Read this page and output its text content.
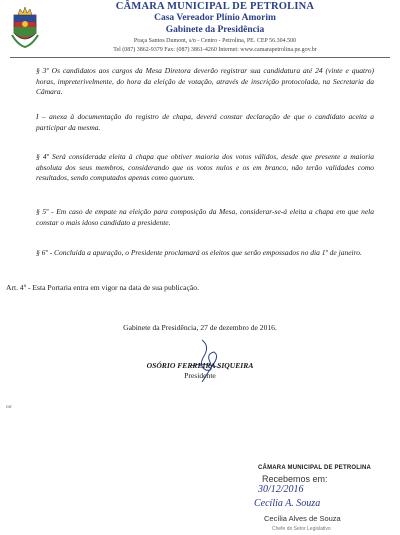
CÂMARA MUNICIPAL DE PETROLINA
Casa Vereador Plínio Amorim
Gabinete da Presidência
Praça Santos Dumont, s/n - Centro - Petrolina, PE. CEP 56.304.500
Tel (087) 3862-9379 Fax: (087) 3861-4260 Internet: www.camarapetrolina.pe.gov.br
§ 3º Os candidatos aos cargos da Mesa Diretora deverão registrar sua candidatura até 24 (vinte e quatro) horas, impreterivelmente, do hora da eleição de votação, através de inscrição protocolada, na Secretaria da Câmara.
I – anexa à documentação do registro de chapa, deverá constar declaração de que o candidato aceita a participar da mesma.
§ 4º Será considerada eleita à chapa que obtiver maioria dos votos válidos, desde que presente a maioria absoluta dos seus membros, considerando que os votos nulos e os em branco, não terão validades como resultados, sendo computados apenas como quorum.
§ 5º - Em caso de empate na eleição para composição da Mesa, considerar-se-á eleita a chapa em que nela constar o mais idoso candidato a presidente.
§ 6º - Concluída a apuração, o Presidente proclamará os eleitos que serão empossados no dia 1º de janeiro.
Art. 4º - Esta Portaria entra em vigor na data de sua publicação.
Gabinete da Presidência, 27 de dezembro de 2016.
OSÓRIO FERREIRA SIQUEIRA
Presidente
csr
CÂMARA MUNICIPAL DE PETROLINA
Recebemos em:
30/12/2016
Cecília A. Souza
Cecília Alves de Souza
Chefe do Setor Legislativo
